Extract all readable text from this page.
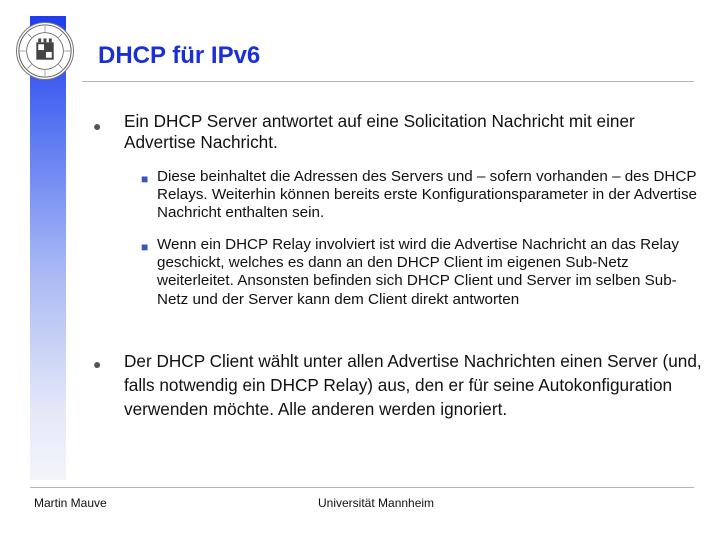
DHCP für IPv6
● Ein DHCP Server antwortet auf eine Solicitation Nachricht mit einer Advertise Nachricht.

■ Diese beinhaltet die Adressen des Servers und – sofern vorhanden – des DHCP Relays. Weiterhin können bereits erste Konfigurationsparameter in der Advertise Nachricht enthalten sein.

■ Wenn ein DHCP Relay involviert ist wird die Advertise Nachricht an das Relay geschickt, welches es dann an den DHCP Client im eigenen Sub-Netz weiterleitet. Ansonsten befinden sich DHCP Client und Server im selben Sub-Netz und der Server kann dem Client direkt antworten

● Der DHCP Client wählt unter allen Advertise Nachrichten einen Server (und, falls notwendig ein DHCP Relay) aus, den er für seine Autokonfiguration verwenden möchte. Alle anderen werden ignoriert.

Martin Mauve	Universität Mannheim
